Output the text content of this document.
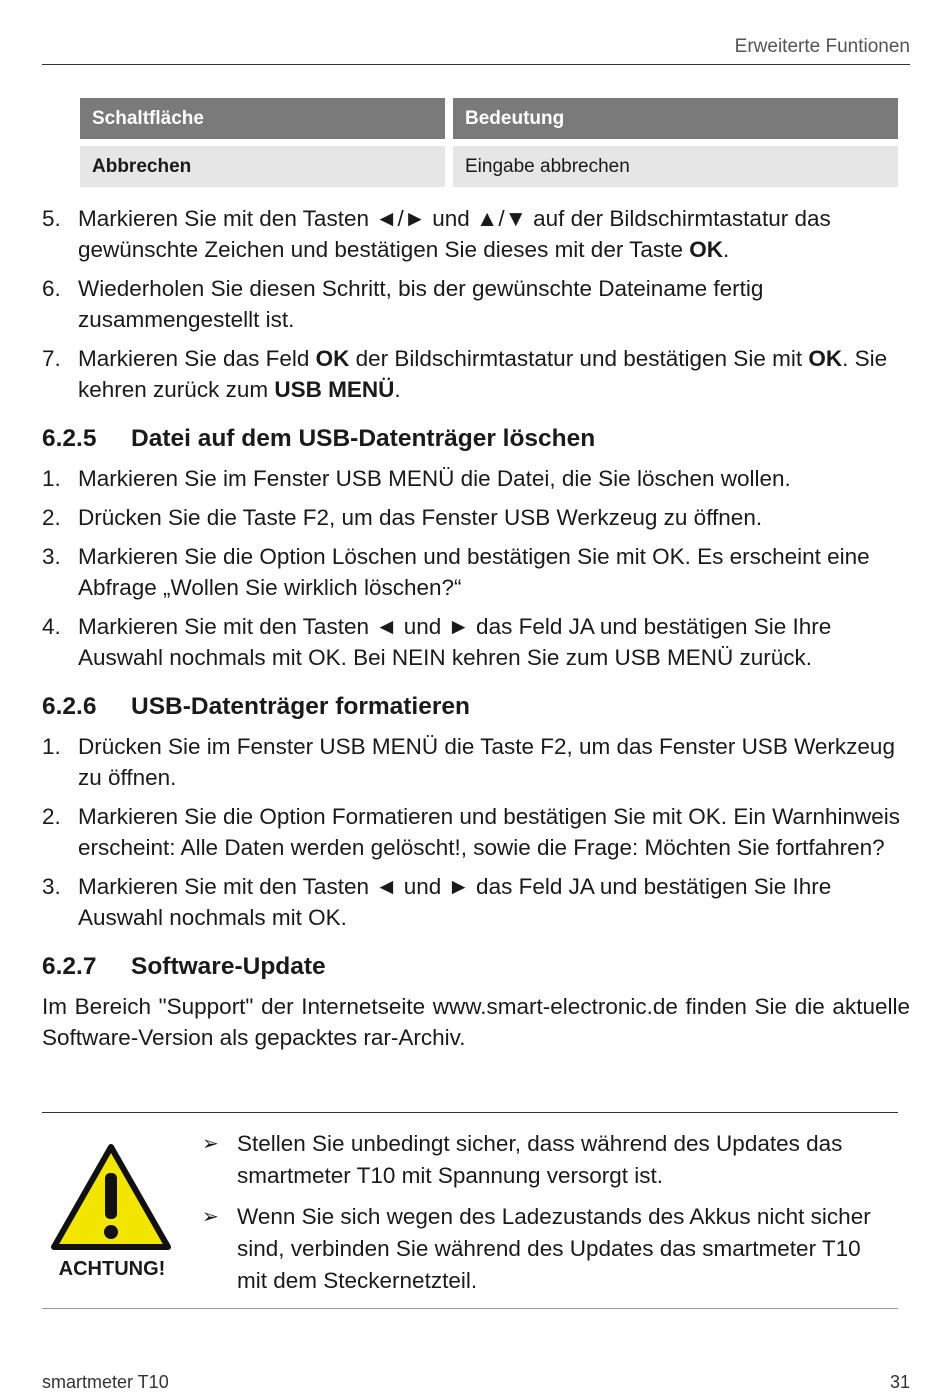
Erweiterte Funtionen
Schaltfläche	Bedeutung
Abbrechen	Eingabe abbrechen
5. Markieren Sie mit den Tasten ◄/► und ▲/▼ auf der Bildschirmtastatur das gewünschte Zeichen und bestätigen Sie dieses mit der Taste OK.
6. Wiederholen Sie diesen Schritt, bis der gewünschte Dateiname fertig zusammengestellt ist.
7. Markieren Sie das Feld OK der Bildschirmtastatur und bestätigen Sie mit OK. Sie kehren zurück zum USB MENÜ.
6.2.5 Datei auf dem USB-Datenträger löschen
1. Markieren Sie im Fenster USB MENÜ die Datei, die Sie löschen wollen.
2. Drücken Sie die Taste F2, um das Fenster USB Werkzeug zu öffnen.
3. Markieren Sie die Option Löschen und bestätigen Sie mit OK. Es erscheint eine Abfrage „Wollen Sie wirklich löschen?“
4. Markieren Sie mit den Tasten ◄ und ► das Feld JA und bestätigen Sie Ihre Auswahl nochmals mit OK. Bei NEIN kehren Sie zum USB MENÜ zurück.
6.2.6 USB-Datenträger formatieren
1. Drücken Sie im Fenster USB MENÜ die Taste F2, um das Fenster USB Werkzeug zu öffnen.
2. Markieren Sie die Option Formatieren und bestätigen Sie mit OK. Ein Warnhinweis erscheint: Alle Daten werden gelöscht!, sowie die Frage: Möchten Sie fortfahren?
3. Markieren Sie mit den Tasten ◄ und ► das Feld JA und bestätigen Sie Ihre Auswahl nochmals mit OK.
6.2.7 Software-Update

Im Bereich "Support" der Internetseite www.smart-electronic.de finden Sie die aktuelle Software-Version als gepacktes rar-Archiv.

ACHTUNG!
➢ Stellen Sie unbedingt sicher, dass während des Updates das smartmeter T10 mit Spannung versorgt ist.
➢ Wenn Sie sich wegen des Ladezustands des Akkus nicht sicher sind, verbinden Sie während des Updates das smartmeter T10 mit dem Steckernetzteil.
smartmeter T10	31
